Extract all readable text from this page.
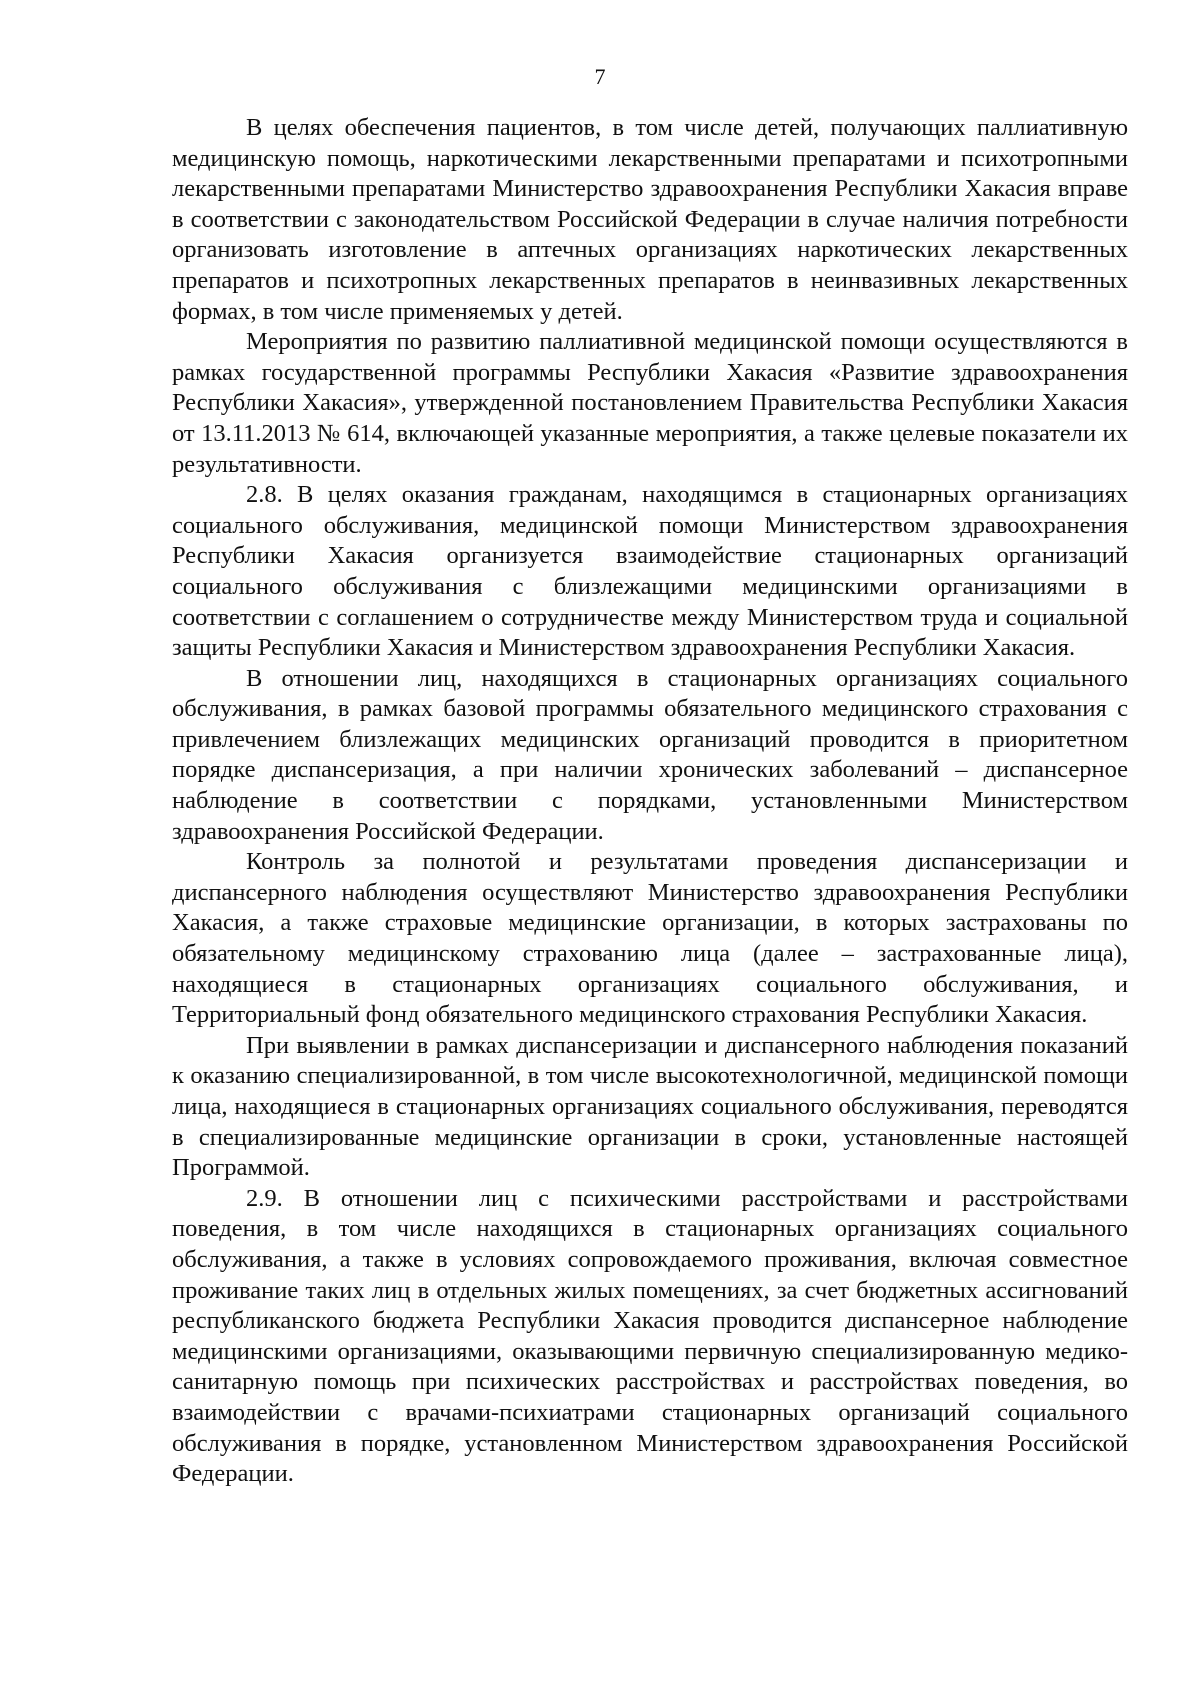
7

В целях обеспечения пациентов, в том числе детей, получающих паллиативную медицинскую помощь, наркотическими лекарственными препаратами и психотропными лекарственными препаратами Министерство здравоохранения Республики Хакасия вправе в соответствии с законодательством Российской Федерации в случае наличия потребности организовать изготовление в аптечных организациях наркотических лекарственных препаратов и психотропных лекарственных препаратов в неинвазивных лекарственных формах, в том числе применяемых у детей.

Мероприятия по развитию паллиативной медицинской помощи осуществляются в рамках государственной программы Республики Хакасия «Развитие здравоохранения Республики Хакасия», утвержденной постановлением Правительства Республики Хакасия от 13.11.2013 № 614, включающей указанные мероприятия, а также целевые показатели их результативности.

2.8. В целях оказания гражданам, находящимся в стационарных организациях социального обслуживания, медицинской помощи Министерством здравоохранения Республики Хакасия организуется взаимодействие стационарных организаций социального обслуживания с близлежащими медицинскими организациями в соответствии с соглашением о сотрудничестве между Министерством труда и социальной защиты Республики Хакасия и Министерством здравоохранения Республики Хакасия.

В отношении лиц, находящихся в стационарных организациях социального обслуживания, в рамках базовой программы обязательного медицинского страхования с привлечением близлежащих медицинских организаций проводится в приоритетном порядке диспансеризация, а при наличии хронических заболеваний – диспансерное наблюдение в соответствии с порядками, установленными Министерством здравоохранения Российской Федерации.

Контроль за полнотой и результатами проведения диспансеризации и диспансерного наблюдения осуществляют Министерство здравоохранения Республики Хакасия, а также страховые медицинские организации, в которых застрахованы по обязательному медицинскому страхованию лица (далее – застрахованные лица), находящиеся в стационарных организациях социального обслуживания, и Территориальный фонд обязательного медицинского страхования Республики Хакасия.

При выявлении в рамках диспансеризации и диспансерного наблюдения показаний к оказанию специализированной, в том числе высокотехнологичной, медицинской помощи лица, находящиеся в стационарных организациях социального обслуживания, переводятся в специализированные медицинские организации в сроки, установленные настоящей Программой.

2.9. В отношении лиц с психическими расстройствами и расстройствами поведения, в том числе находящихся в стационарных организациях социального обслуживания, а также в условиях сопровождаемого проживания, включая совместное проживание таких лиц в отдельных жилых помещениях, за счет бюджетных ассигнований республиканского бюджета Республики Хакасия проводится диспансерное наблюдение медицинскими организациями, оказывающими первичную специализированную медико-санитарную помощь при психических расстройствах и расстройствах поведения, во взаимодействии с врачами-психиатрами стационарных организаций социального обслуживания в порядке, установленном Министерством здравоохранения Российской Федерации.
